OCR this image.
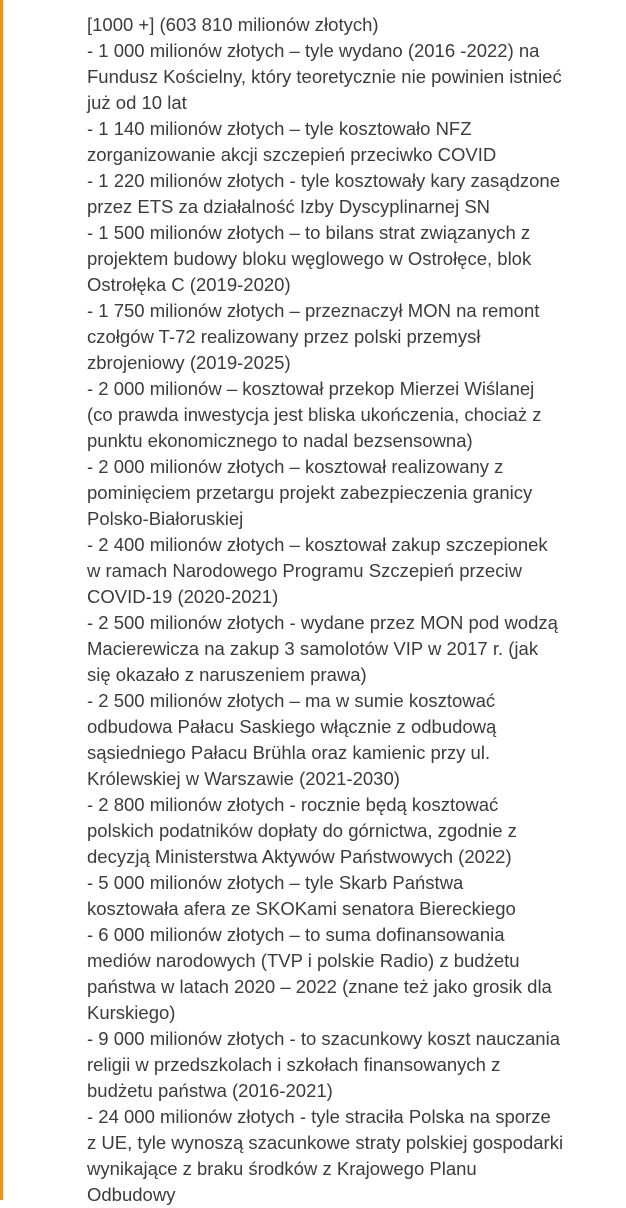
[1000 +] (603 810 milionów złotych)
- 1 000 milionów złotych – tyle wydano (2016 -2022) na
Fundusz Kościelny, który teoretycznie nie powinien istnieć
już od 10 lat
- 1 140 milionów złotych – tyle kosztowało NFZ
zorganizowanie akcji szczepień przeciwko COVID
- 1 220 milionów złotych - tyle kosztowały kary zasądzone
przez ETS za działalność Izby Dyscyplinarnej SN
- 1 500 milionów złotych – to bilans strat związanych z
projektem budowy bloku węglowego w Ostrołęce, blok
Ostrołęka C (2019-2020)
- 1 750 milionów złotych – przeznaczył MON na remont
czołgów T-72 realizowany przez polski przemysł
zbrojeniowy (2019-2025)
- 2 000 milionów – kosztował przekop Mierzei Wiślanej
(co prawda inwestycja jest bliska ukończenia, chociaż z
punktu ekonomicznego to nadal bezsensowna)
- 2 000 milionów złotych – kosztował realizowany z
pominięciem przetargu projekt zabezpieczenia granicy
Polsko-Białoruskiej
- 2 400 milionów złotych – kosztował zakup szczepionek
w ramach Narodowego Programu Szczepień przeciw
COVID-19 (2020-2021)
- 2 500 milionów złotych - wydane przez MON pod wodzą
Macierewicza na zakup 3 samolotów VIP w 2017 r. (jak
się okazało z naruszeniem prawa)
- 2 500 milionów złotych – ma w sumie kosztować
odbudowa Pałacu Saskiego włącznie z odbudową
sąsiedniego Pałacu Brühla oraz kamienic przy ul.
Królewskiej w Warszawie (2021-2030)
- 2 800 milionów złotych - rocznie będą kosztować
polskich podatników dopłaty do górnictwa, zgodnie z
decyzją Ministerstwa Aktywów Państwowych (2022)
- 5 000 milionów złotych – tyle Skarb Państwa
kosztowała afera ze SKOKami senatora Biereckiego
- 6 000 milionów złotych – to suma dofinansowania
mediów narodowych (TVP i polskie Radio) z budżetu
państwa w latach 2020 – 2022 (znane też jako grosik dla
Kurskiego)
- 9 000 milionów złotych - to szacunkowy koszt nauczania
religii w przedszkolach i szkołach finansowanych z
budżetu państwa (2016-2021)
- 24 000 milionów złotych - tyle straciła Polska na sporze
z UE, tyle wynoszą szacunkowe straty polskiej gospodarki
wynikające z braku środków z Krajowego Planu
Odbudowy
